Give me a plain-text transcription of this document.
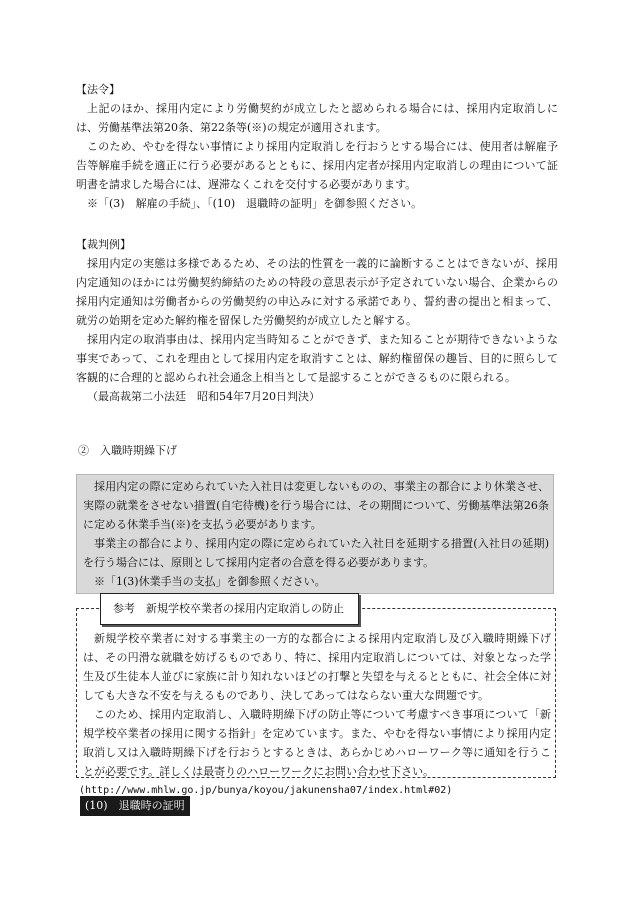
【法令】

上記のほか、採用内定により労働契約が成立したと認められる場合には、採用内定取消しには、労働基準法第20条、第22条等(※)の規定が適用されます。

このため、やむを得ない事情により採用内定取消しを行おうとする場合には、使用者は解雇予告等解雇手続を適正に行う必要があるとともに、採用内定者が採用内定取消しの理由について証明書を請求した場合には、遅滞なくこれを交付する必要があります。

※「(3)　解雇の手続」、「(10)　退職時の証明」を御参照ください。

【裁判例】

採用内定の実態は多様であるため、その法的性質を一義的に論断することはできないが、採用内定通知のほかには労働契約締結のための特段の意思表示が予定されていない場合、企業からの採用内定通知は労働者からの労働契約の申込みに対する承諾であり、誓約書の提出と相まって、就労の始期を定めた解約権を留保した労働契約が成立したと解する。

採用内定の取消事由は、採用内定当時知ることができず、また知ることが期待できないような事実であって、これを理由として採用内定を取消すことは、解約権留保の趣旨、目的に照らして客観的に合理的と認められ社会通念上相当として是認することができるものに限られる。

（最高裁第二小法廷　昭和54年7月20日判決）

②　入職時期繰下げ

採用内定の際に定められていた入社日は変更しないものの、事業主の都合により休業させ、実際の就業をさせない措置(自宅待機)を行う場合には、その期間について、労働基準法第26条に定める休業手当(※)を支払う必要があります。

事業主の都合により、採用内定の際に定められていた入社日を延期する措置(入社日の延期)を行う場合には、原則として採用内定者の合意を得る必要があります。

※「1(3)休業手当の支払」を御参照ください。

新規学校卒業者に対する事業主の一方的な都合による採用内定取消し及び入職時期繰下げは、その円滑な就職を妨げるものであり、特に、採用内定取消しについては、対象となった学生及び生徒本人並びに家族に計り知れないほどの打撃と失望を与えるとともに、社会全体に対しても大きな不安を与えるものであり、決してあってはならない重大な問題です。

このため、採用内定取消し、入職時期繰下げの防止等について考慮すべき事項について「新規学校卒業者の採用に関する指針」を定めています。また、やむを得ない事情により採用内定取消し又は入職時期繰下げを行おうとするときは、あらかじめハローワーク等に通知を行うことが必要です。詳しくは最寄りのハローワークにお問い合わせ下さい。

(http://www.mhlw.go.jp/bunya/koyou/jakunensha07/index.html#02)

参考　新規学校卒業者の採用内定取消しの防止
(10)　退職時の証明
